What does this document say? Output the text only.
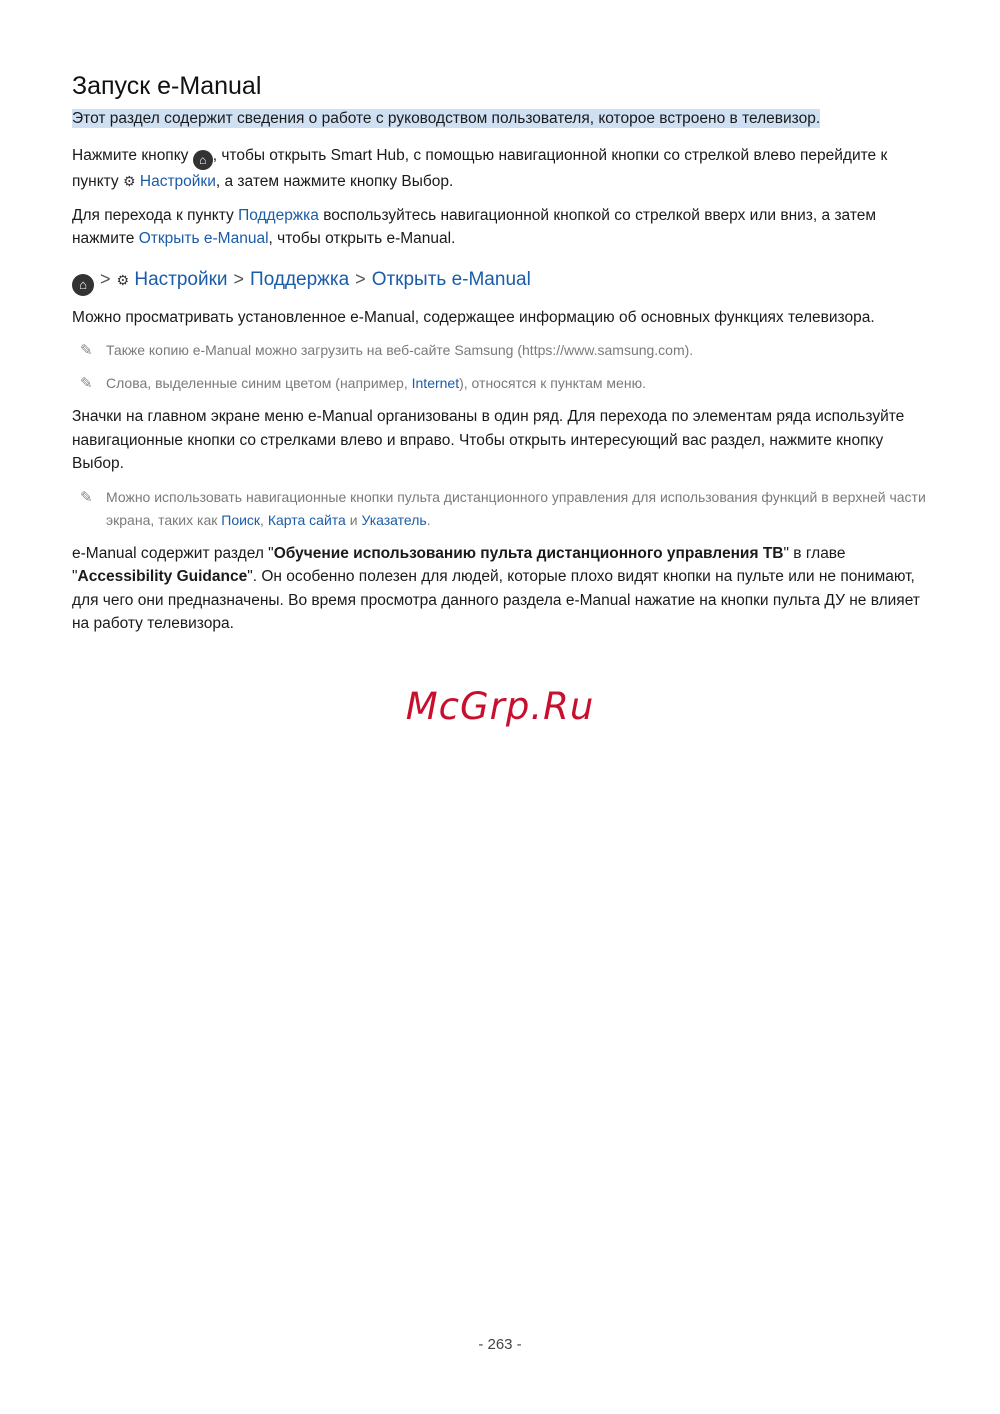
Запуск e-Manual
Этот раздел содержит сведения о работе с руководством пользователя, которое встроено в телевизор.

Нажмите кнопку ⌂ , чтобы открыть Smart Hub, с помощью навигационной кнопки со стрелкой влево перейдите к пункту ⚙ Настройки, а затем нажмите кнопку Выбор.

Для перехода к пункту Поддержка воспользуйтесь навигационной кнопкой со стрелкой вверх или вниз, а затем нажмите Открыть e-Manual, чтобы открыть e-Manual.

⌂ > ⚙ Настройки > Поддержка > Открыть e-Manual

Можно просматривать установленное e-Manual, содержащее информацию об основных функциях телевизора.

✎ Также копию e-Manual можно загрузить на веб-сайте Samsung (https://www.samsung.com).
✎ Слова, выделенные синим цветом (например, Internet), относятся к пунктам меню.

Значки на главном экране меню e-Manual организованы в один ряд. Для перехода по элементам ряда используйте навигационные кнопки со стрелками влево и вправо. Чтобы открыть интересующий вас раздел, нажмите кнопку Выбор.

✎ Можно использовать навигационные кнопки пульта дистанционного управления для использования функций в верхней части экрана, таких как Поиск, Карта сайта и Указатель.

e-Manual содержит раздел "Обучение использованию пульта дистанционного управления ТВ" в главе "Accessibility Guidance". Он особенно полезен для людей, которые плохо видят кнопки на пульте или не понимают, для чего они предназначены. Во время просмотра данного раздела e-Manual нажатие на кнопки пульта ДУ не влияет на работу телевизора.

McGrp.Ru
- 263 -
